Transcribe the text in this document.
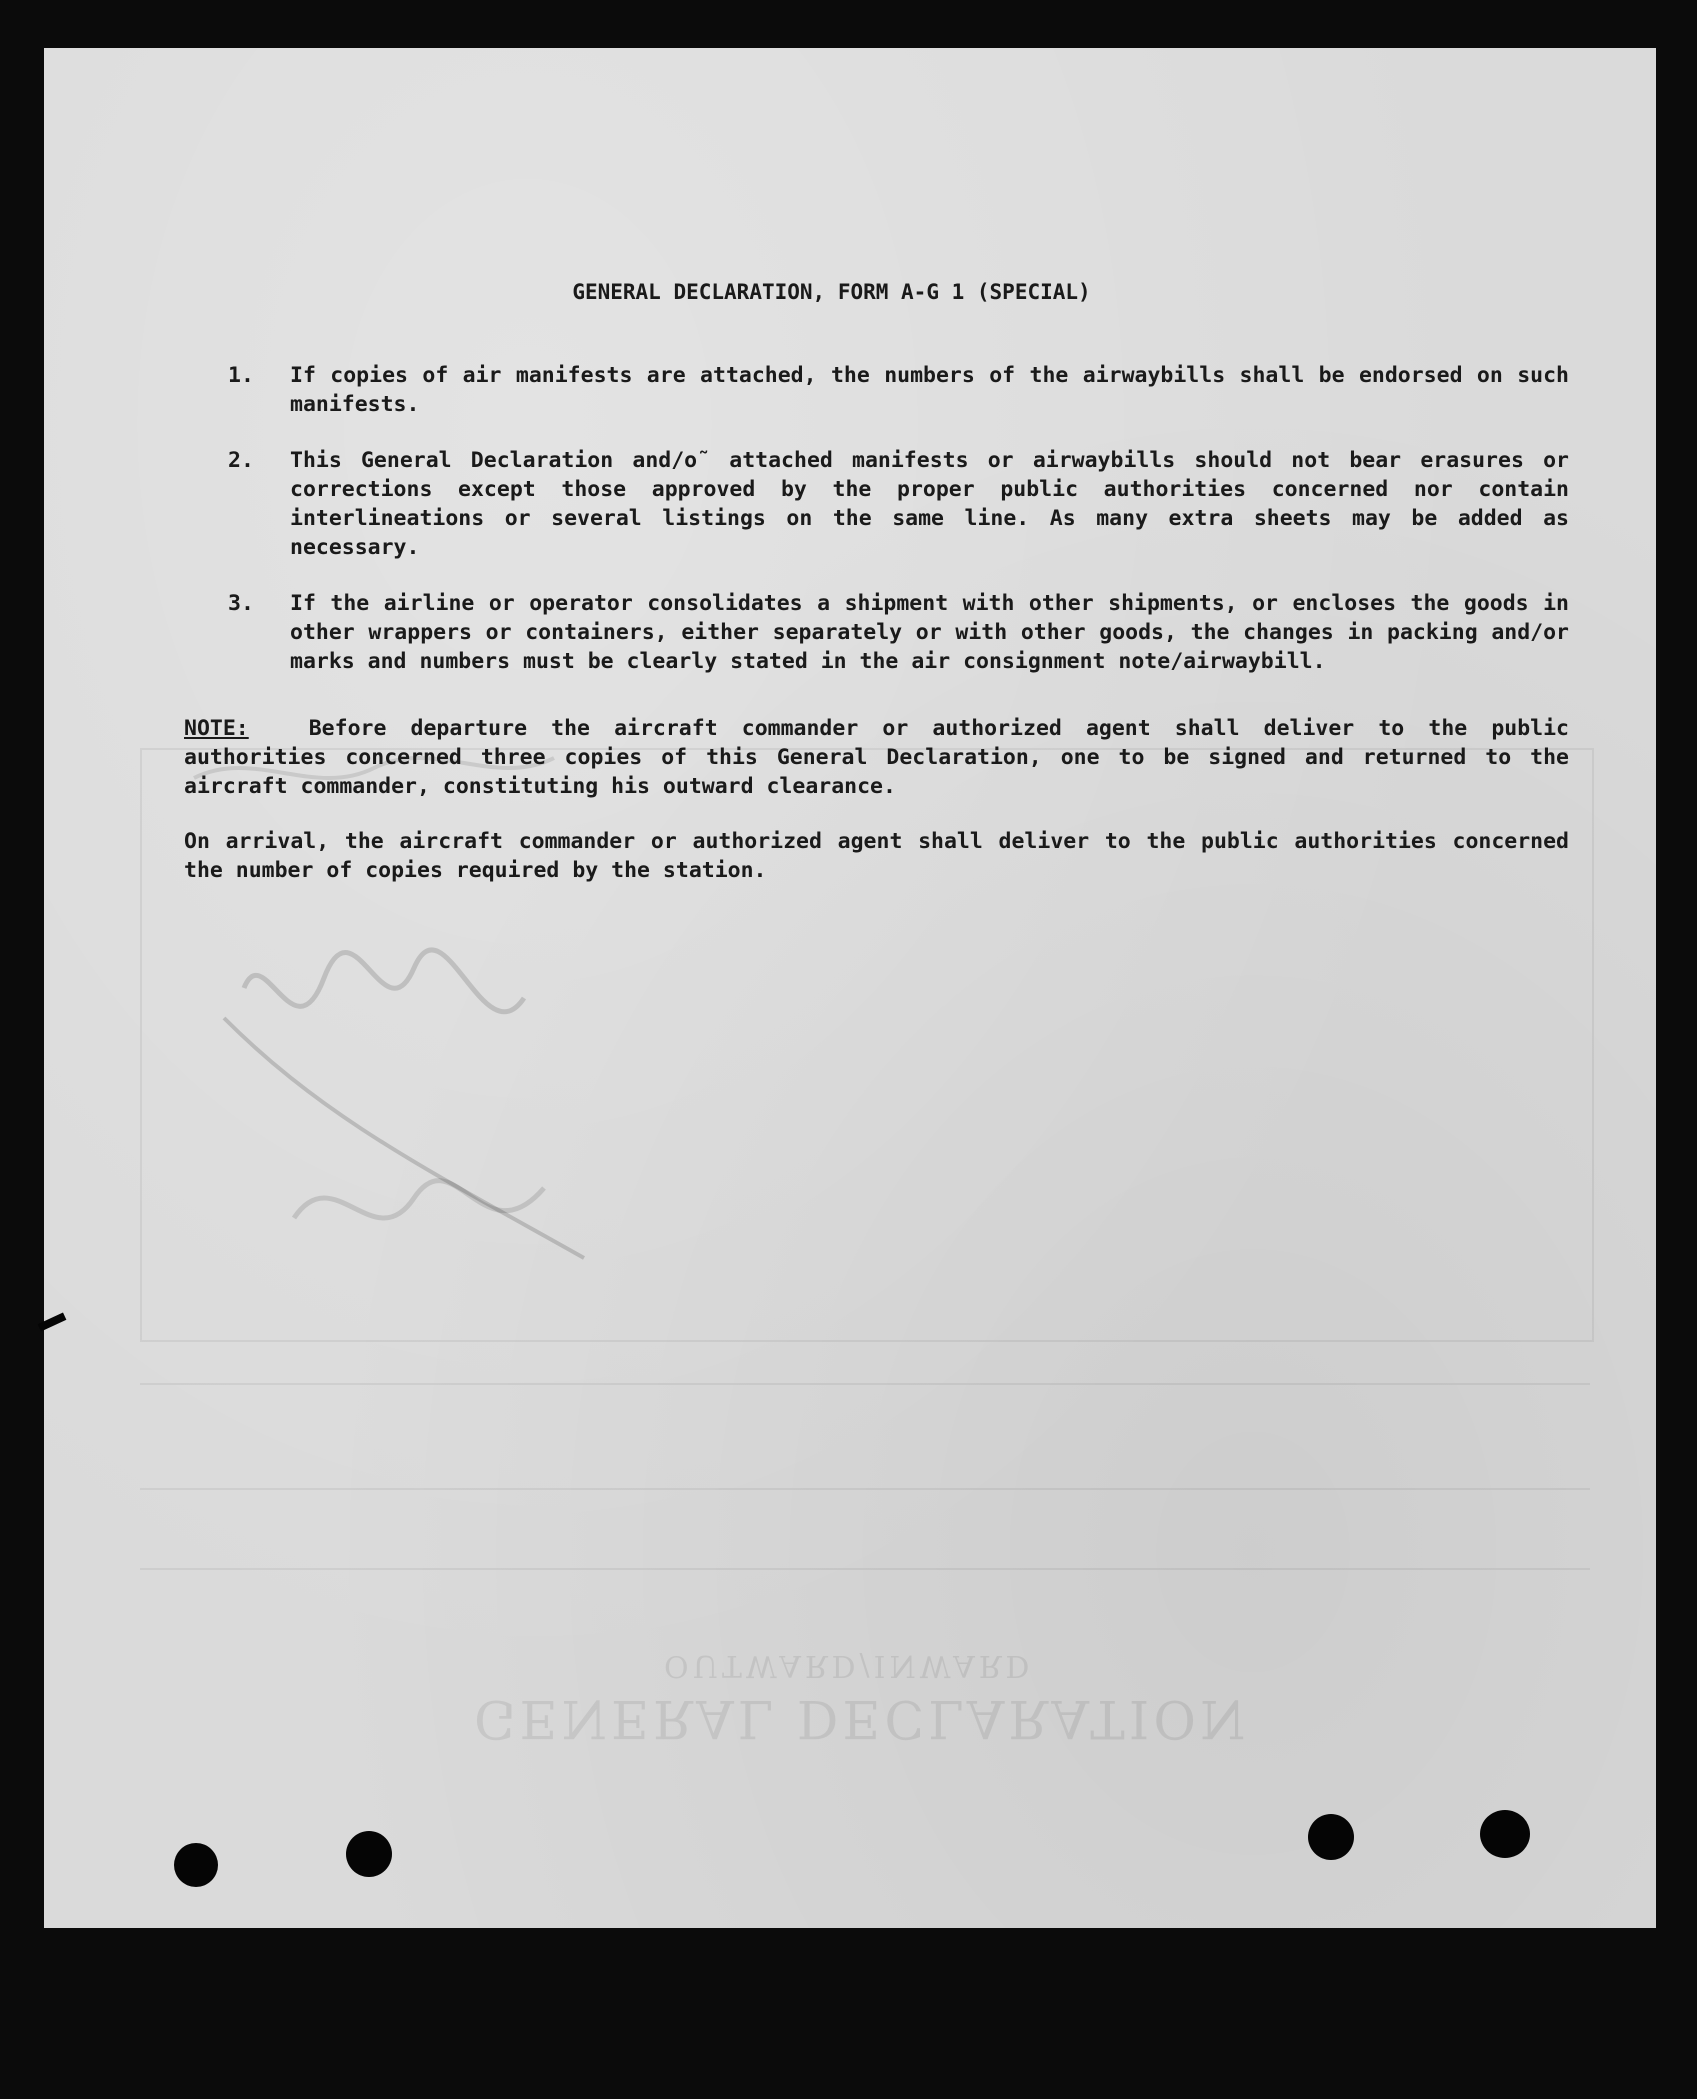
GENERAL DECLARATION
OUTWARD/INWARD
GENERAL DECLARATION, FORM A-G 1 (SPECIAL)
1.	If copies of air manifests are attached, the numbers of the airwaybills shall be endorsed on such manifests.
2.	This General Declaration and/o˜ attached manifests or airwaybills should not bear erasures or corrections except those approved by the proper public authorities concerned nor contain interlineations or several listings on the same line. As many extra sheets may be added as necessary.
3.	If the airline or operator consolidates a shipment with other shipments, or encloses the goods in other wrappers or containers, either separately or with other goods, the changes in packing and/or marks and numbers must be clearly stated in the air consignment note/airwaybill.
NOTE:	Before departure the aircraft commander or authorized agent shall deliver to the public authorities concerned three copies of this General Declaration, one to be signed and returned to the aircraft commander, constituting his outward clearance.
On arrival, the aircraft commander or authorized agent shall deliver to the public authorities concerned the number of copies required by the station.
